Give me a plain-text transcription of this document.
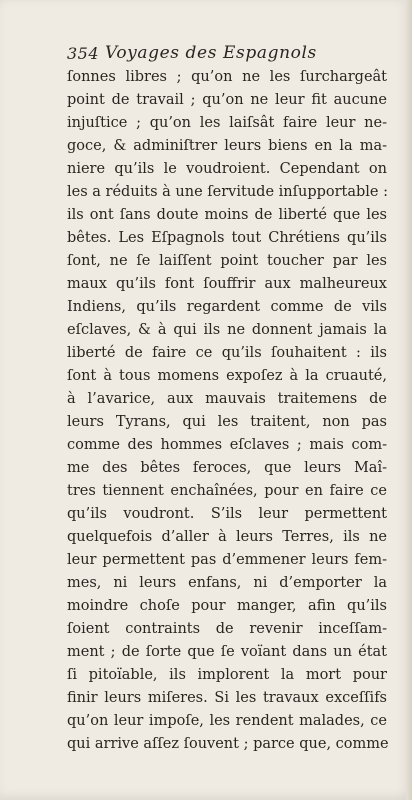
354 Voyages des Espagnols
ſonnes libres ; qu’on ne les ſurchargeât
point de travail ; qu’on ne leur fit aucune
injuſtice ; qu’on les laiſsât faire leur ne-
goce, & adminiſtrer leurs biens en la ma-
niere qu’ils le voudroient. Cependant on
les a réduits à une ſervitude inſupportable :
ils ont ſans doute moins de liberté que les
bêtes. Les Eſpagnols tout Chrétiens qu’ils
ſont, ne ſe laiſſent point toucher par les
maux qu’ils font ſouffrir aux malheureux
Indiens, qu’ils regardent comme de vils
eſclaves, & à qui ils ne donnent jamais la
liberté de faire ce qu’ils ſouhaitent : ils
ſont à tous momens expoſez à la cruauté,
à l’avarice, aux mauvais traitemens de
leurs Tyrans, qui les traitent, non pas
comme des hommes eſclaves ; mais com-
me des bêtes feroces, que leurs Maî-
tres tiennent enchaînées, pour en faire ce
qu’ils voudront. S’ils leur permettent
quelquefois d’aller à leurs Terres, ils ne
leur permettent pas d’emmener leurs fem-
mes, ni leurs enfans, ni d’emporter la
moindre choſe pour manger, afin qu’ils
ſoient contraints de revenir inceſſam-
ment ; de ſorte que ſe voïant dans un état
ſi pitoïable, ils implorent la mort pour
finir leurs miſeres. Si les travaux exceſſifs
qu’on leur impoſe, les rendent malades, ce
qui arrive aſſez ſouvent ; parce que, comme
